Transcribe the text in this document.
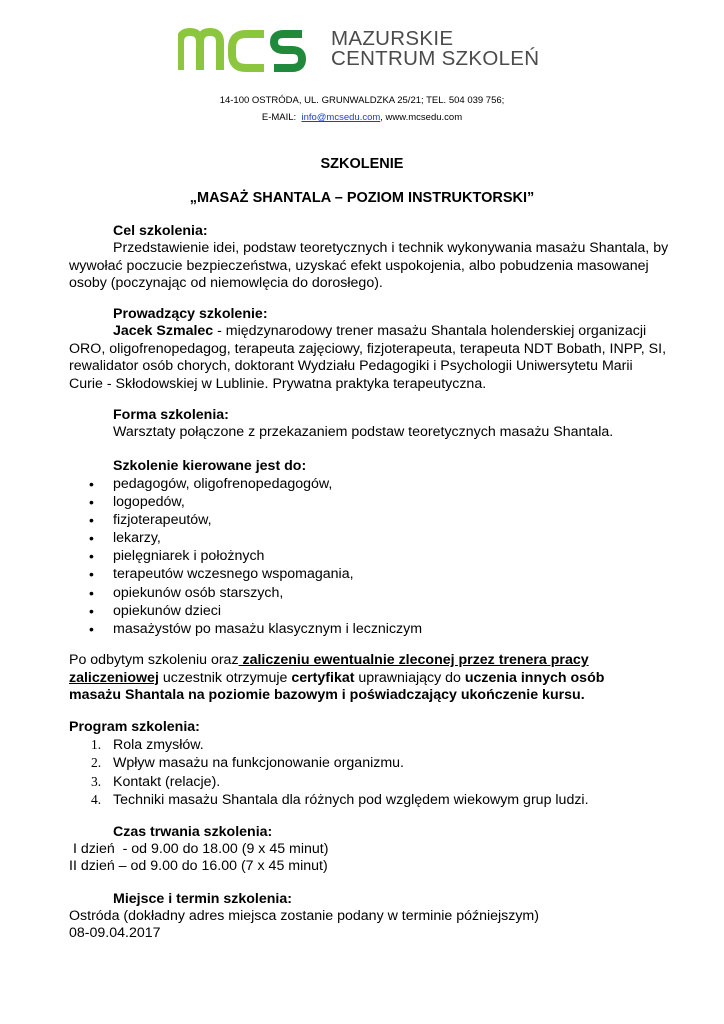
MAZURSKIE
CENTRUM SZKOLEŃ
14-100 OSTRÓDA, UL. GRUNWALDZKA 25/21; TEL. 504 039 756;
E-MAIL: info@mcsedu.com, www.mcsedu.com
SZKOLENIE
„MASAŻ SHANTALA – POZIOM INSTRUKTORSKI”
Cel szkolenia:
Przedstawienie idei, podstaw teoretycznych i technik wykonywania masażu Shantala, by wywołać poczucie bezpieczeństwa, uzyskać efekt uspokojenia, albo pobudzenia masowanej osoby (poczynając od niemowlęcia do dorosłego).
Prowadzący szkolenie:
Jacek Szmalec - międzynarodowy trener masażu Shantala holenderskiej organizacji ORO, oligofrenopedagog, terapeuta zajęciowy, fizjoterapeuta, terapeuta NDT Bobath, INPP, SI, rewalidator osób chorych, doktorant Wydziału Pedagogiki i Psychologii Uniwersytetu Marii Curie - Skłodowskiej w Lublinie. Prywatna praktyka terapeutyczna.
Forma szkolenia:
Warsztaty połączone z przekazaniem podstaw teoretycznych masażu Shantala.
Szkolenie kierowane jest do:
• pedagogów, oligofrenopedagogów,
• logopedów,
• fizjoterapeutów,
• lekarzy,
• pielęgniarek i położnych
• terapeutów wczesnego wspomagania,
• opiekunów osób starszych,
• opiekunów dzieci
• masażystów po masażu klasycznym i leczniczym
Po odbytym szkoleniu oraz zaliczeniu ewentualnie zleconej przez trenera pracy zaliczeniowej uczestnik otrzymuje certyfikat uprawniający do uczenia innych osób masażu Shantala na poziomie bazowym i poświadczający ukończenie kursu.
Program szkolenia:
1. Rola zmysłów.
2. Wpływ masażu na funkcjonowanie organizmu.
3. Kontakt (relacje).
4. Techniki masażu Shantala dla różnych pod względem wiekowym grup ludzi.
Czas trwania szkolenia:
I dzień  - od 9.00 do 18.00 (9 x 45 minut)
II dzień – od 9.00 do 16.00 (7 x 45 minut)
Miejsce i termin szkolenia:
Ostróda (dokładny adres miejsca zostanie podany w terminie późniejszym)
08-09.04.2017
